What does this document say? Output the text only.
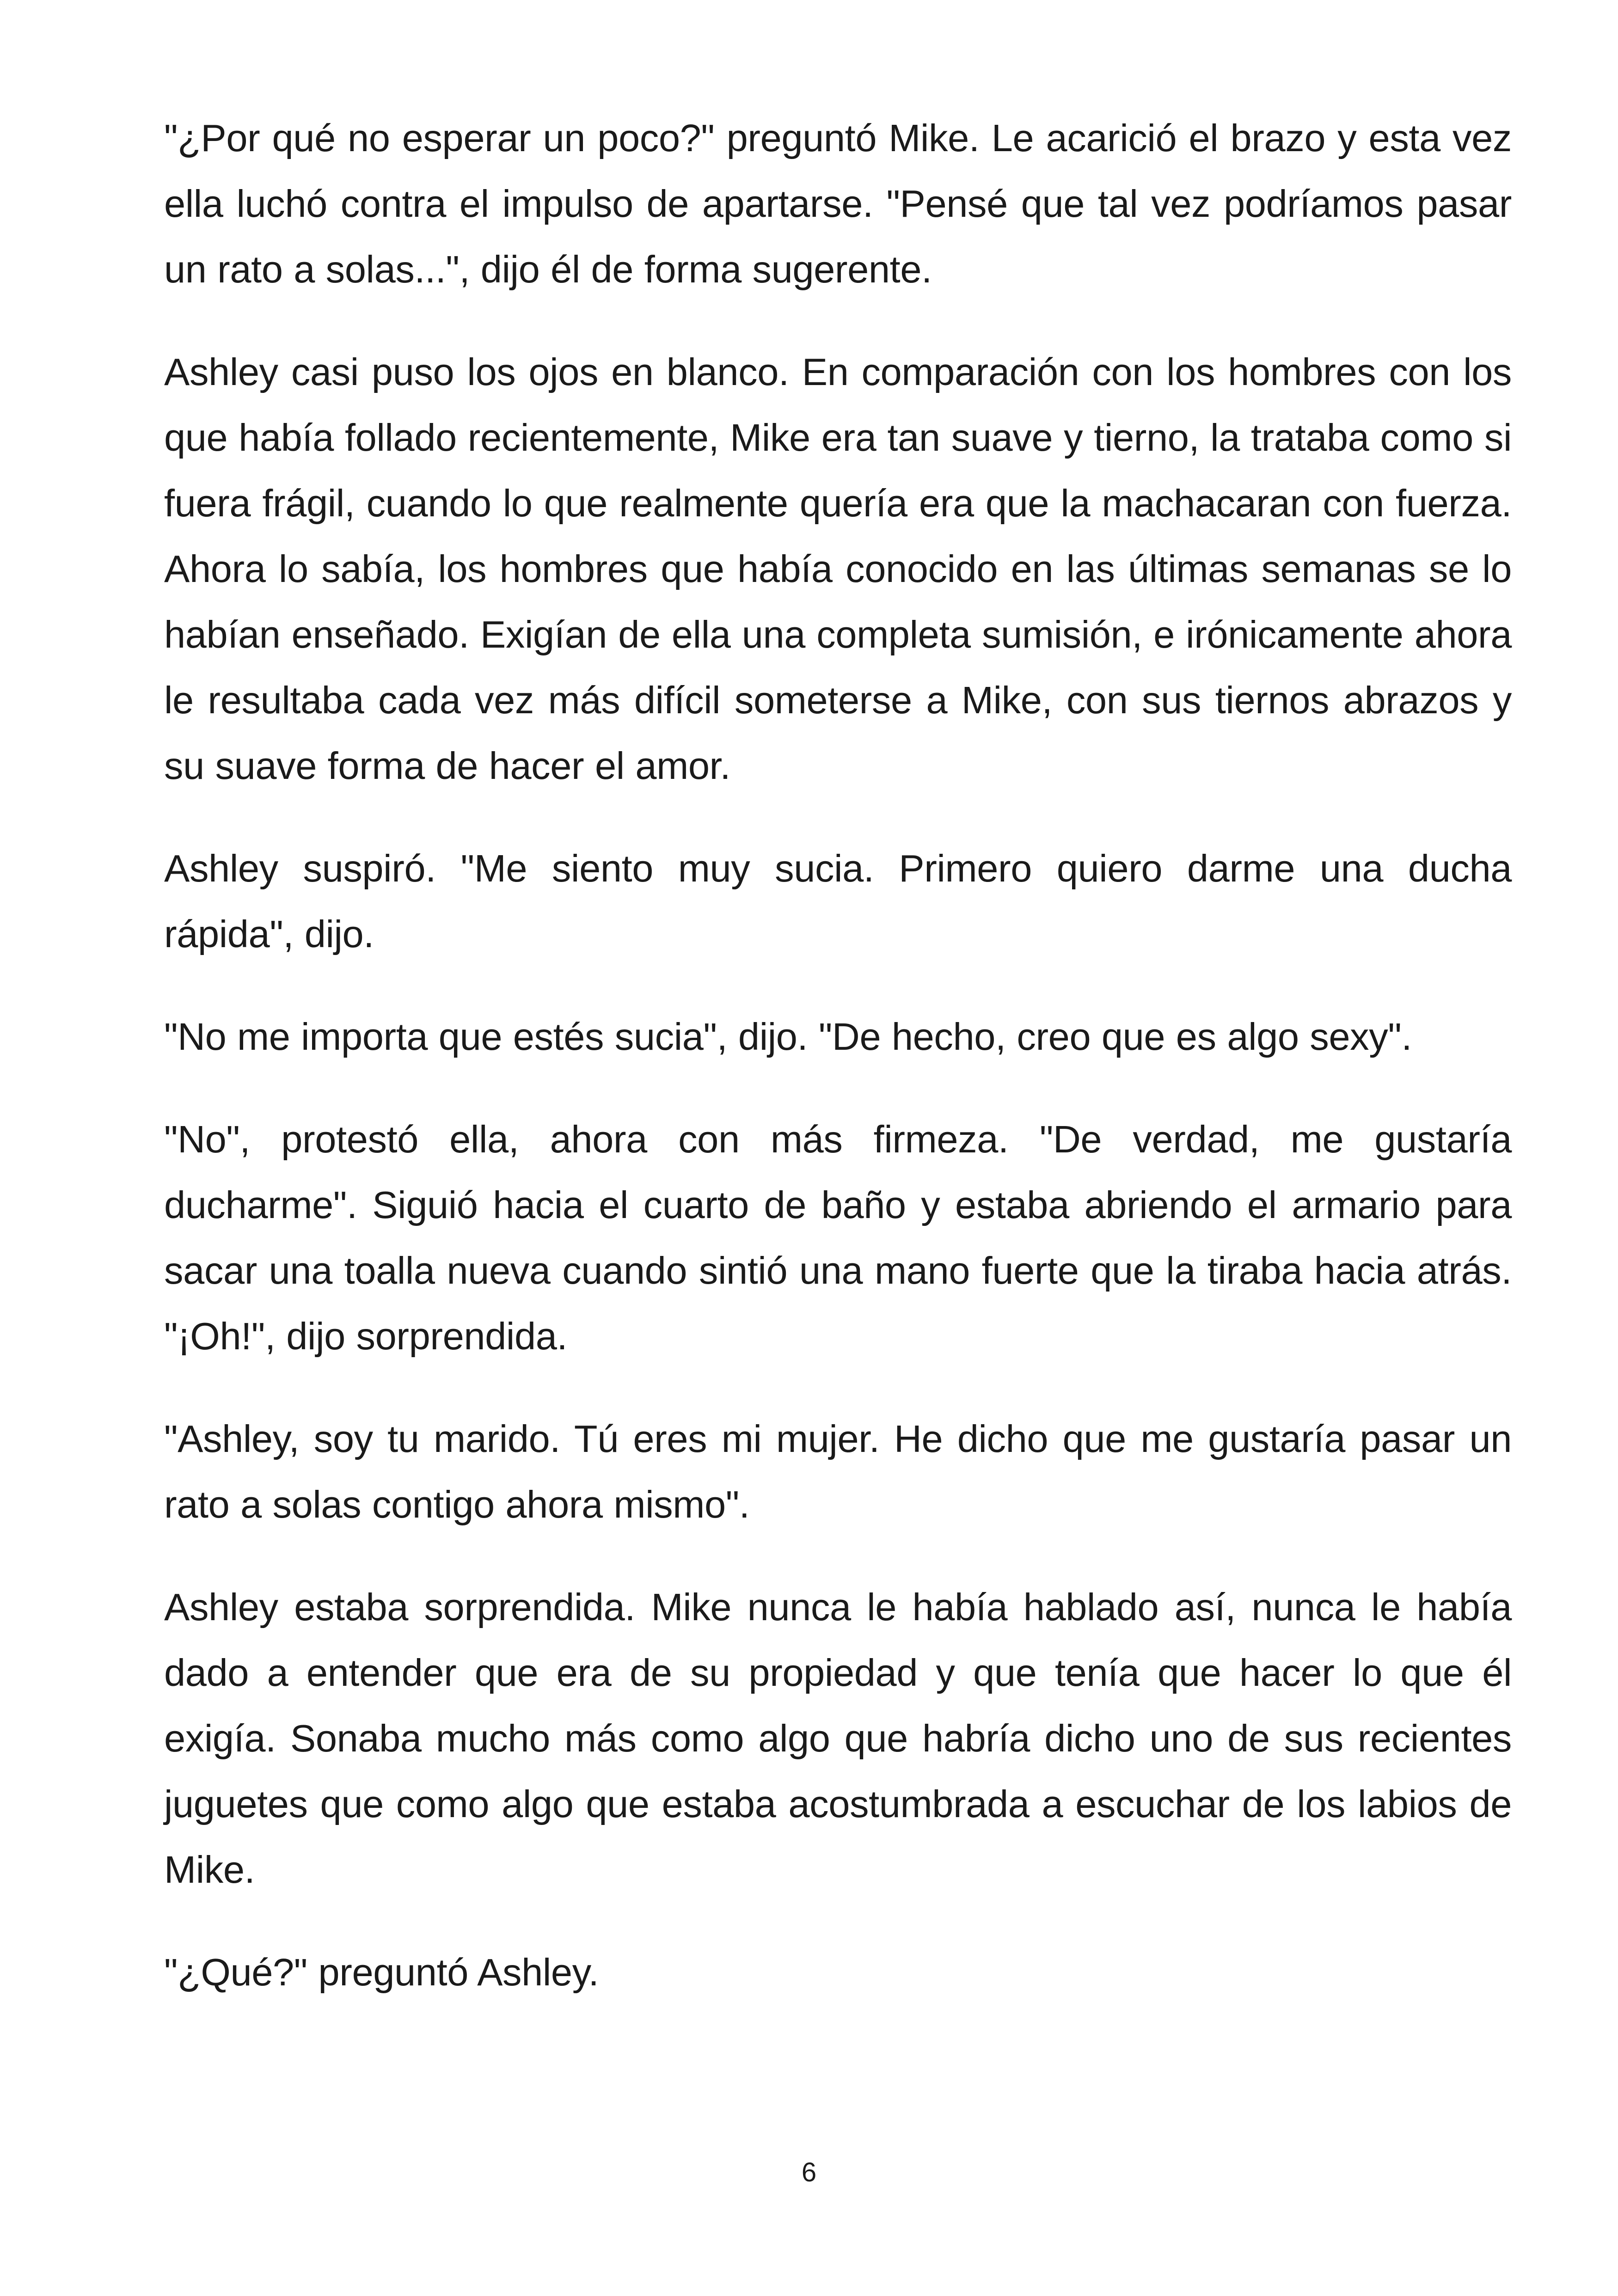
"¿Por qué no esperar un poco?" preguntó Mike. Le acarició el brazo y esta vez ella luchó contra el impulso de apartarse. "Pensé que tal vez podríamos pasar un rato a solas...", dijo él de forma sugerente.

Ashley casi puso los ojos en blanco. En comparación con los hombres con los que había follado recientemente, Mike era tan suave y tierno, la trataba como si fuera frágil, cuando lo que realmente quería era que la machacaran con fuerza. Ahora lo sabía, los hombres que había conocido en las últimas semanas se lo habían enseñado. Exigían de ella una completa sumisión, e irónicamente ahora le resultaba cada vez más difícil someterse a Mike, con sus tiernos abrazos y su suave forma de hacer el amor.

Ashley suspiró. "Me siento muy sucia. Primero quiero darme una ducha rápida", dijo.

"No me importa que estés sucia", dijo. "De hecho, creo que es algo sexy".

"No", protestó ella, ahora con más firmeza. "De verdad, me gustaría ducharme". Siguió hacia el cuarto de baño y estaba abriendo el armario para sacar una toalla nueva cuando sintió una mano fuerte que la tiraba hacia atrás. "¡Oh!", dijo sorprendida.

"Ashley, soy tu marido. Tú eres mi mujer. He dicho que me gustaría pasar un rato a solas contigo ahora mismo".

Ashley estaba sorprendida. Mike nunca le había hablado así, nunca le había dado a entender que era de su propiedad y que tenía que hacer lo que él exigía. Sonaba mucho más como algo que habría dicho uno de sus recientes juguetes que como algo que estaba acostumbrada a escuchar de los labios de Mike.

"¿Qué?" preguntó Ashley.

6
